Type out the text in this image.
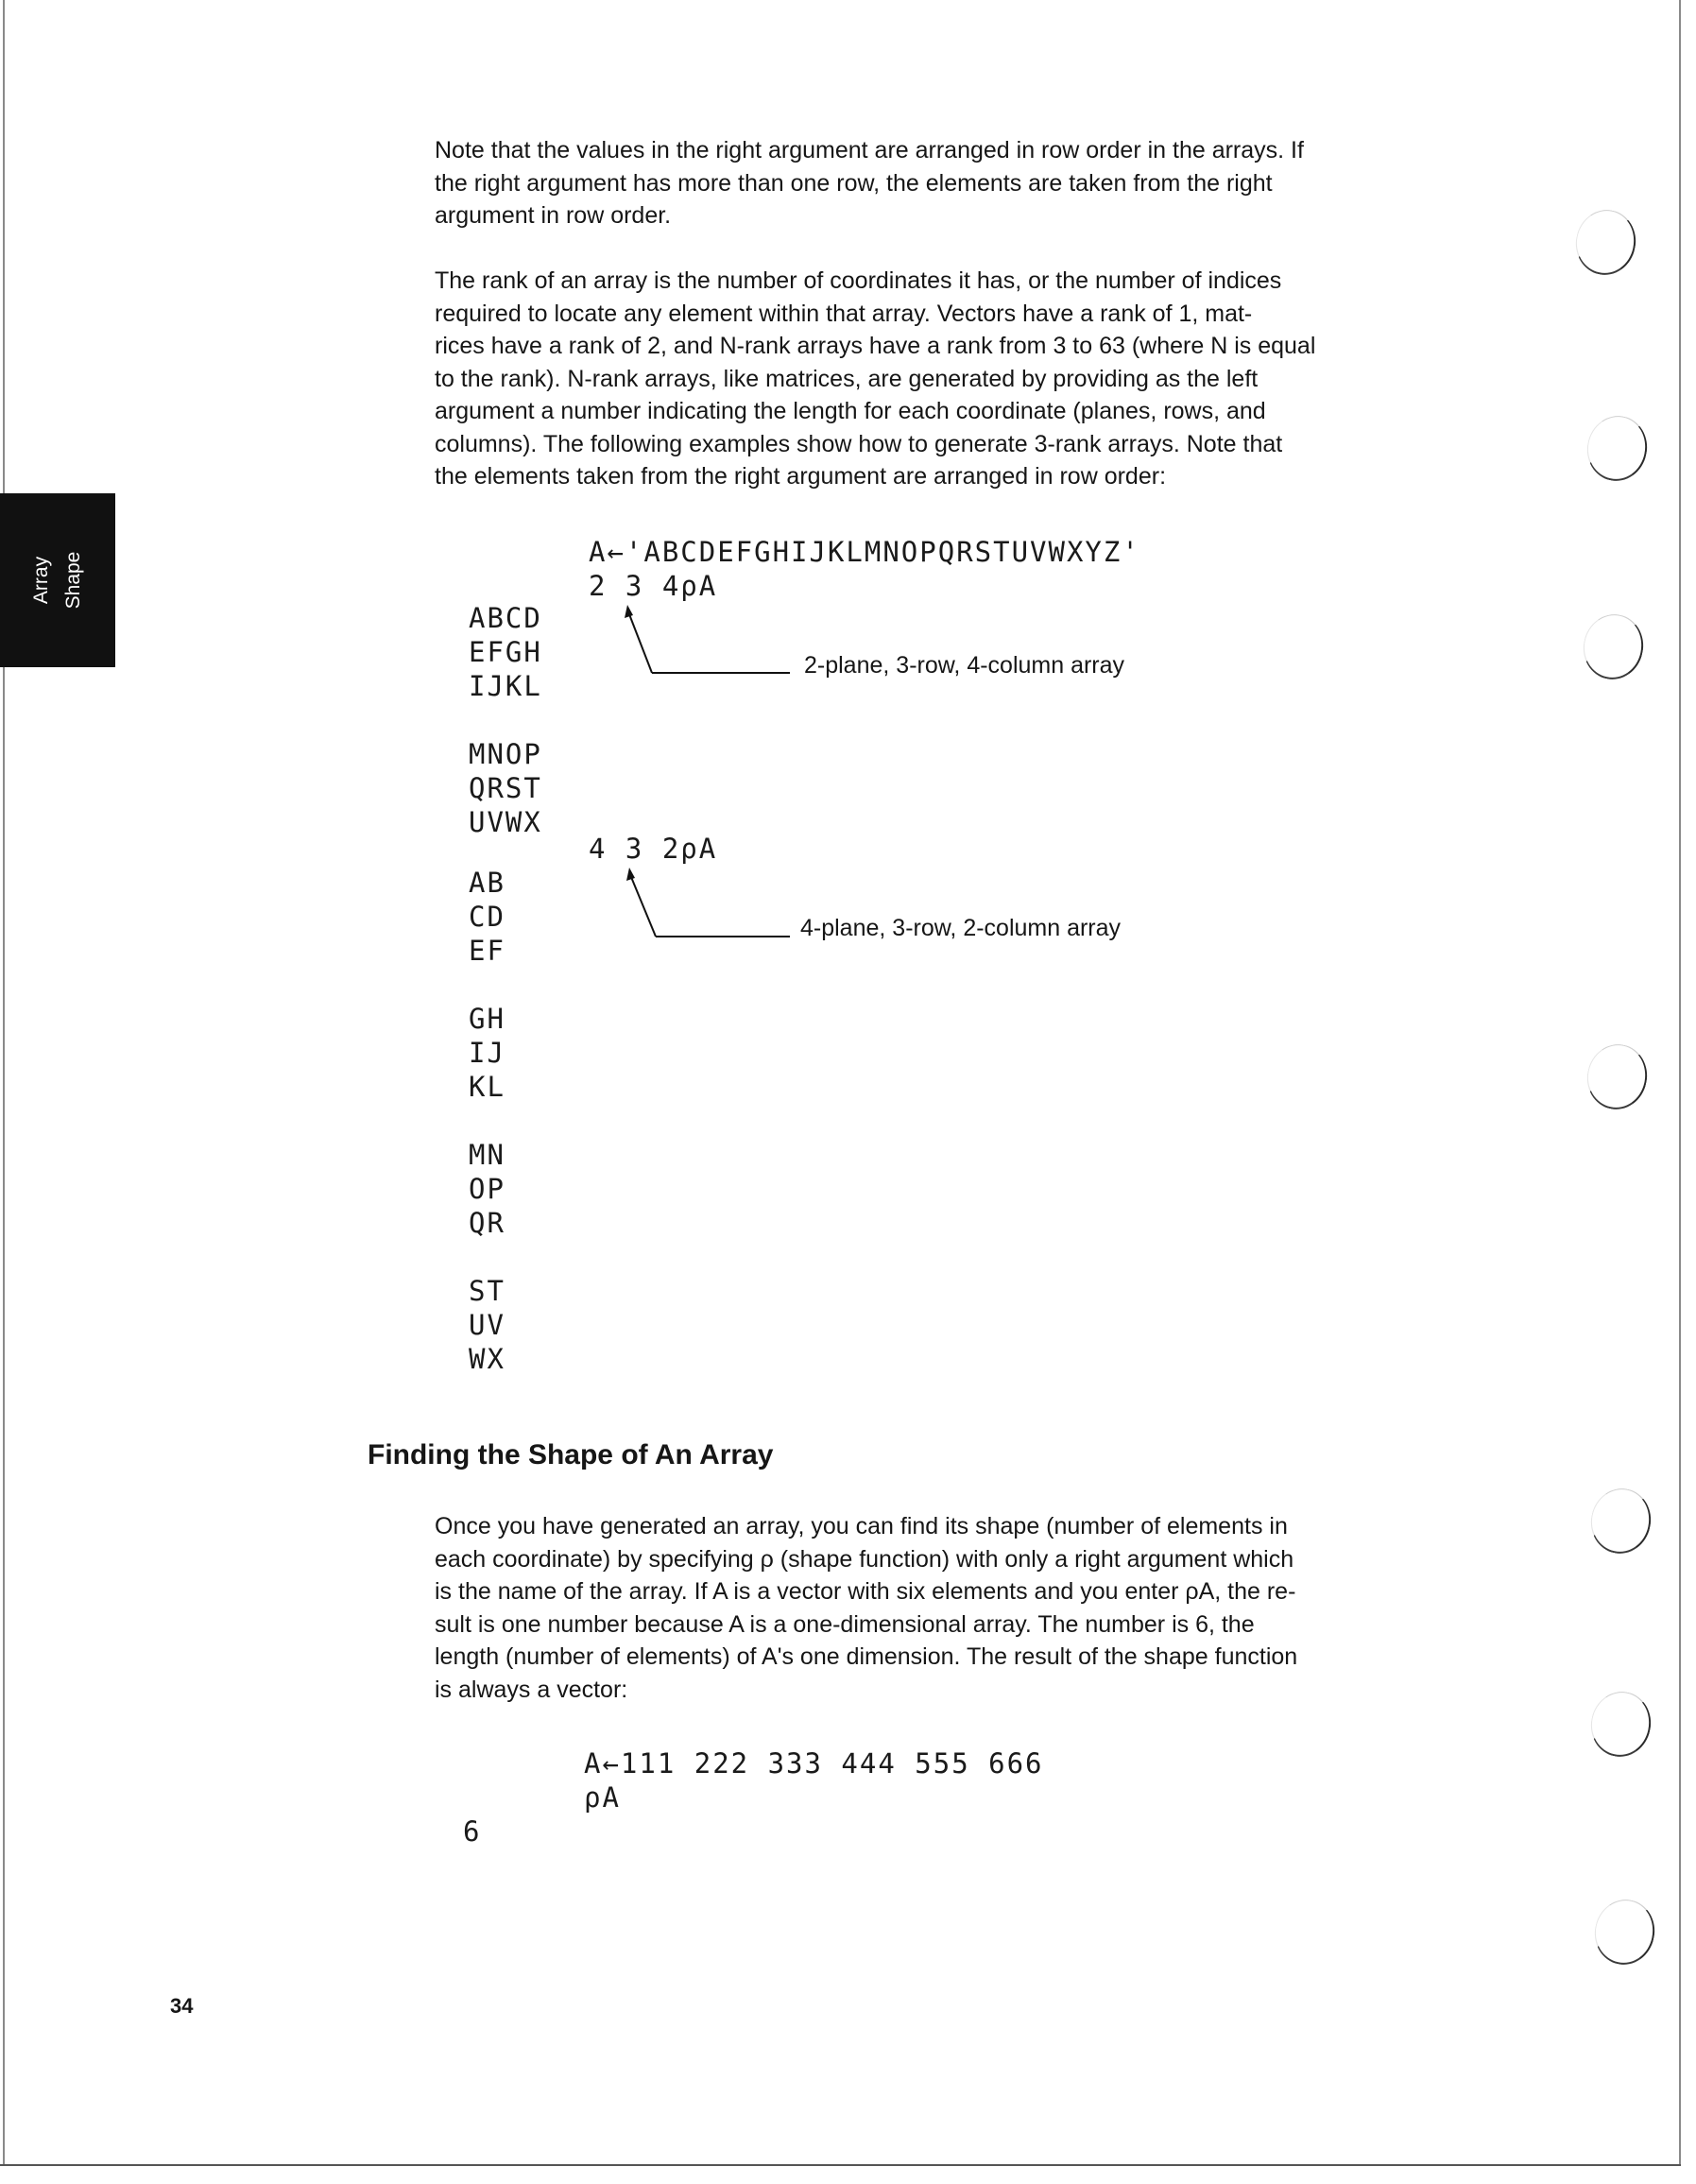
Array Shape

Note that the values in the right argument are arranged in row order in the arrays. If
the right argument has more than one row, the elements are taken from the right
argument in row order.

The rank of an array is the number of coordinates it has, or the number of indices
required to locate any element within that array. Vectors have a rank of 1, mat-
rices have a rank of 2, and N-rank arrays have a rank from 3 to 63 (where N is equal
to the rank). N-rank arrays, like matrices, are generated by providing as the left
argument a number indicating the length for each coordinate (planes, rows, and
columns). The following examples show how to generate 3-rank arrays. Note that
the elements taken from the right argument are arranged in row order:

A←'ABCDEFGHIJKLMNOPQRSTUVWXYZ'
2 3 4ρA
ABCD
EFGH
IJKL

MNOP
QRST
UVWX
2-plane, 3-row, 4-column array
4 3 2ρA
AB
CD
EF

GH
IJ
KL

MN
OP
QR

ST
UV
WX
4-plane, 3-row, 2-column array
Finding the Shape of An Array

Once you have generated an array, you can find its shape (number of elements in
each coordinate) by specifying ρ (shape function) with only a right argument which
is the name of the array. If A is a vector with six elements and you enter ρA, the re-
sult is one number because A is a one-dimensional array. The number is 6, the
length (number of elements) of A's one dimension. The result of the shape function
is always a vector:

A←111 222 333 444 555 666
ρA
6
34
